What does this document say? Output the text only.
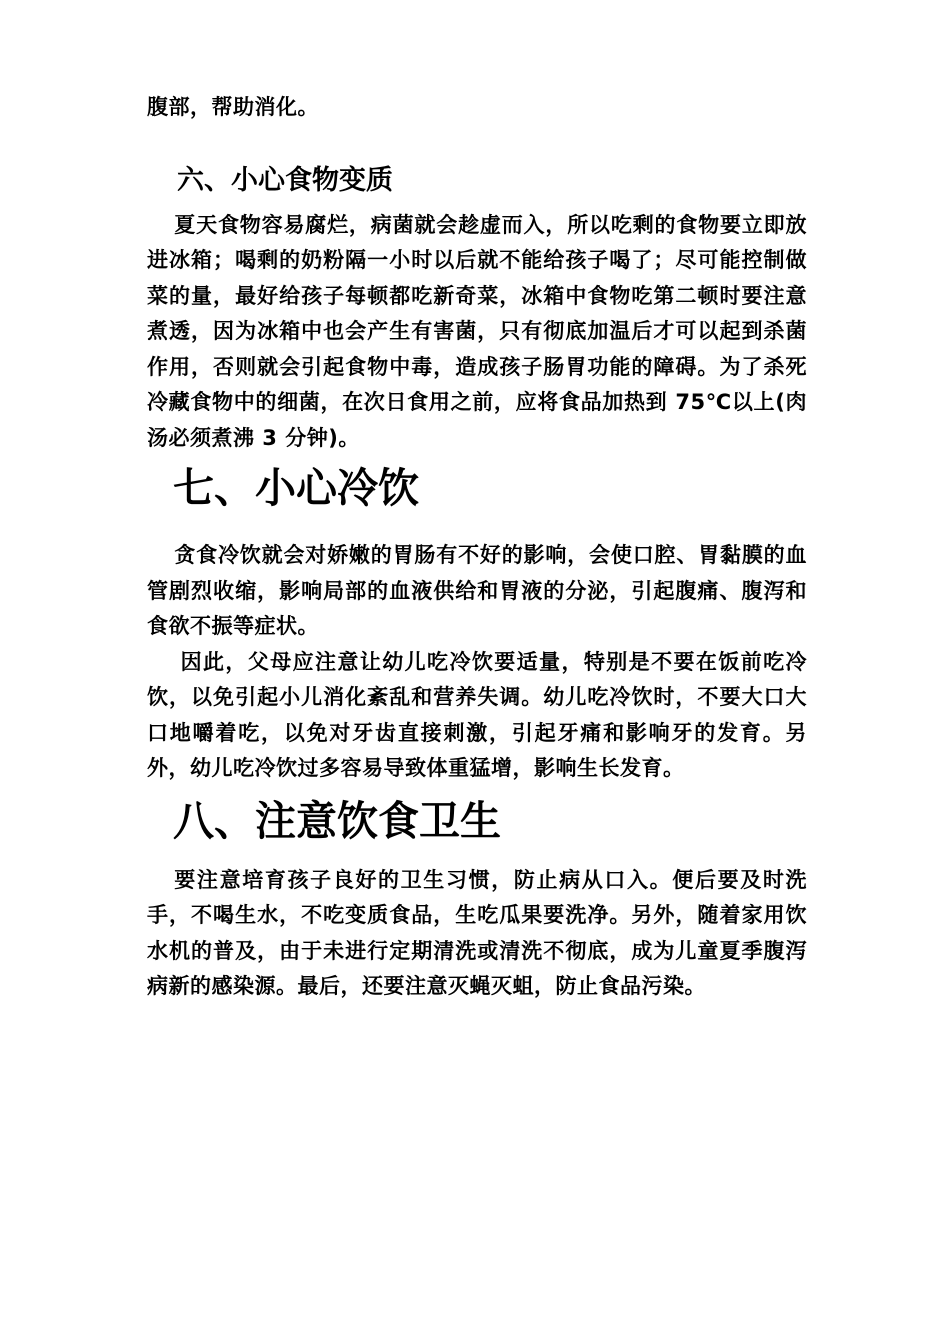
腹部，帮助消化。

六、小心食物变质

夏天食物容易腐烂，病菌就会趁虚而入，所以吃剩的食物要立即放进冰箱；喝剩的奶粉隔一小时以后就不能给孩子喝了；尽可能控制做菜的量，最好给孩子每顿都吃新奇菜，冰箱中食物吃第二顿时要注意煮透，因为冰箱中也会产生有害菌，只有彻底加温后才可以起到杀菌作用，否则就会引起食物中毒，造成孩子肠胃功能的障碍。为了杀死冷藏食物中的细菌，在次日食用之前，应将食品加热到 75℃以上(肉汤必须煮沸 3 分钟)。

七、小心冷饮

贪食冷饮就会对娇嫩的胃肠有不好的影响，会使口腔、胃黏膜的血管剧烈收缩，影响局部的血液供给和胃液的分泌，引起腹痛、腹泻和食欲不振等症状。

因此，父母应注意让幼儿吃冷饮要适量，特别是不要在饭前吃冷饮，以免引起小儿消化紊乱和营养失调。幼儿吃冷饮时，不要大口大口地嚼着吃，以免对牙齿直接刺激，引起牙痛和影响牙的发育。另外，幼儿吃冷饮过多容易导致体重猛增，影响生长发育。

八、注意饮食卫生

要注意培育孩子良好的卫生习惯，防止病从口入。便后要及时洗手，不喝生水，不吃变质食品，生吃瓜果要洗净。另外，随着家用饮水机的普及，由于未进行定期清洗或清洗不彻底，成为儿童夏季腹泻病新的感染源。最后，还要注意灭蝇灭蛆，防止食品污染。
